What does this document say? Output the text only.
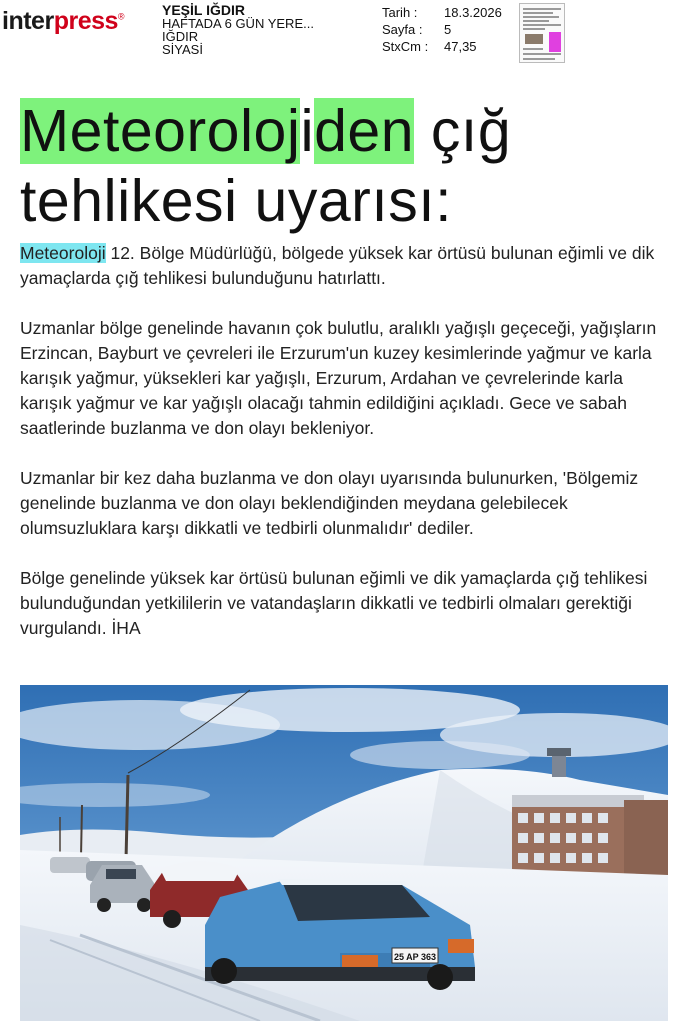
interpress®	YEŞİL IĞDIR
HAFTADA 6 GÜN YERE...
IĞDIR
SİYASİ
Tarih :	18.3.2026
Sayfa :	5
StxCm :	47,35
Meteorolojiden çığ tehlikesi uyarısı:

Meteoroloji 12. Bölge Müdürlüğü, bölgede yüksek kar örtüsü bulunan eğimli ve dik yamaçlarda çığ tehlikesi bulunduğunu hatırlattı.

Uzmanlar bölge genelinde havanın çok bulutlu, aralıklı yağışlı geçeceği, yağışların Erzincan, Bayburt ve çevreleri ile Erzurum'un kuzey kesimlerinde yağmur ve karla karışık yağmur, yüksekleri kar yağışlı, Erzurum, Ardahan ve çevrelerinde karla karışık yağmur ve kar yağışlı olacağı tahmin edildiğini açıkladı. Gece ve sabah saatlerinde buzlanma ve don olayı bekleniyor.

Uzmanlar bir kez daha buzlanma ve don olayı uyarısında bulunurken, 'Bölgemiz genelinde buzlanma ve don olayı beklendiğinden meydana gelebilecek olumsuzluklara karşı dikkatli ve tedbirli olunmalıdır' dediler.

Bölge genelinde yüksek kar örtüsü bulunan eğimli ve dik yamaçlarda çığ tehlikesi bulunduğundan yetkililerin ve vatandaşların dikkatli ve tedbirli olmaları gerektiği vurgulandı. İHA

25 AP 363
